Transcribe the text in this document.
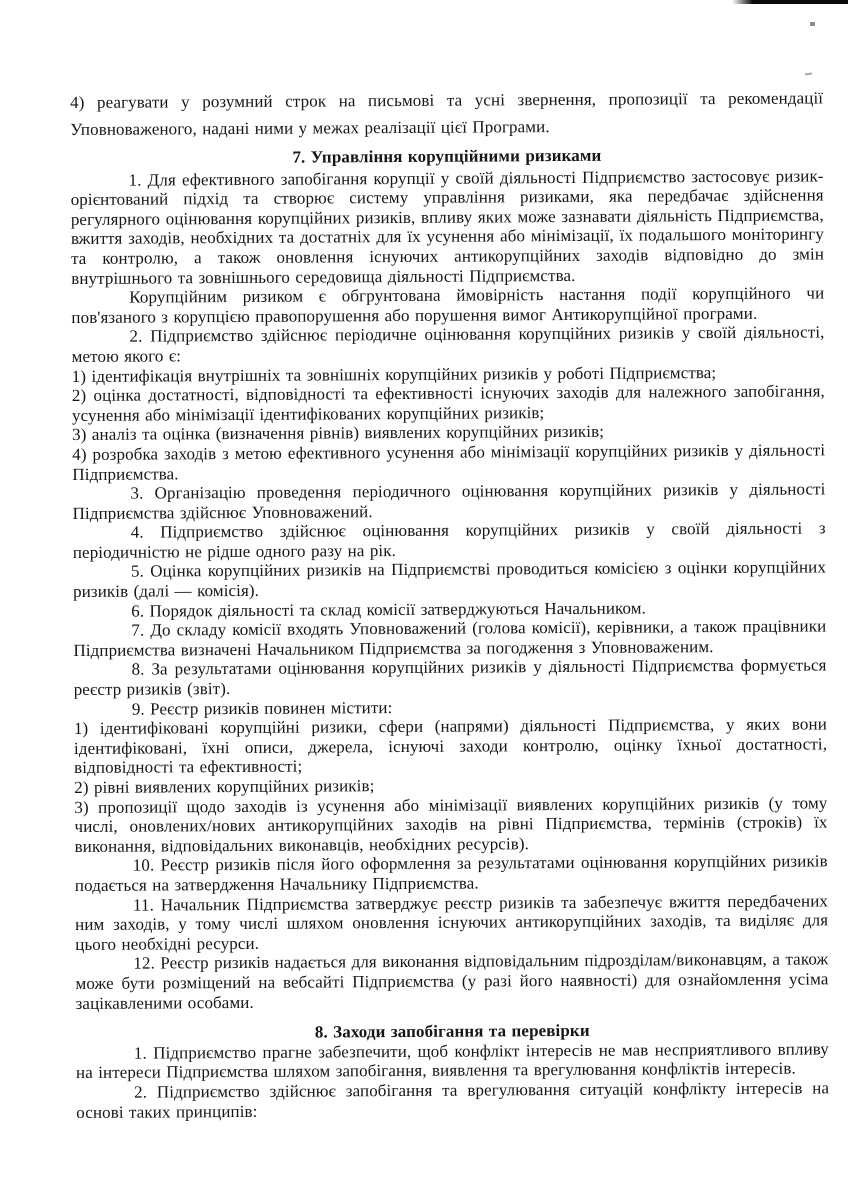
4) реагувати у розумний строк на письмові та усні звернення, пропозиції та рекомендації Уповноваженого, надані ними у межах реалізації цієї Програми.

7. Управління корупційними ризиками

1. Для ефективного запобігання корупції у своїй діяльності Підприємство застосовує ризик-орієнтований підхід та створює систему управління ризиками, яка передбачає здійснення регулярного оцінювання корупційних ризиків, впливу яких може зазнавати діяльність Підприємства, вжиття заходів, необхідних та достатніх для їх усунення або мінімізації, їх подальшого моніторингу та контролю, а також оновлення існуючих антикорупційних заходів відповідно до змін внутрішнього та зовнішнього середовища діяльності Підприємства.

Корупційним ризиком є обгрунтована ймовірність настання події корупційного чи пов'язаного з корупцією правопорушення або порушення вимог Антикорупційної програми.

2. Підприємство здійснює періодичне оцінювання корупційних ризиків у своїй діяльності, метою якого є:

1) ідентифікація внутрішніх та зовнішніх корупційних ризиків у роботі Підприємства;

2) оцінка достатності, відповідності та ефективності існуючих заходів для належного запобігання, усунення або мінімізації ідентифікованих корупційних ризиків;

3) аналіз та оцінка (визначення рівнів) виявлених корупційних ризиків;

4) розробка заходів з метою ефективного усунення або мінімізації корупційних ризиків у діяльності Підприємства.

3. Організацію проведення періодичного оцінювання корупційних ризиків у діяльності Підприємства здійснює Уповноважений.

4. Підприємство здійснює оцінювання корупційних ризиків у своїй діяльності з періодичністю не рідше одного разу на рік.

5. Оцінка корупційних ризиків на Підприємстві проводиться комісією з оцінки корупційних ризиків (далі — комісія).

6. Порядок діяльності та склад комісії затверджуються Начальником.

7. До складу комісії входять Уповноважений (голова комісії), керівники, а також працівники Підприємства визначені Начальником Підприємства за погодження з Уповноваженим.

8. За результатами оцінювання корупційних ризиків у діяльності Підприємства формується реєстр ризиків (звіт).

9. Реєстр ризиків повинен містити:

1) ідентифіковані корупційні ризики, сфери (напрями) діяльності Підприємства, у яких вони ідентифіковані, їхні описи, джерела, існуючі заходи контролю, оцінку їхньої достатності, відповідності та ефективності;

2) рівні виявлених корупційних ризиків;

3) пропозиції щодо заходів із усунення або мінімізації виявлених корупційних ризиків (у тому числі, оновлених/нових антикорупційних заходів на рівні Підприємства, термінів (строків) їх виконання, відповідальних виконавців, необхідних ресурсів).

10. Реєстр ризиків після його оформлення за результатами оцінювання корупційних ризиків подається на затвердження Начальнику Підприємства.

11. Начальник Підприємства затверджує реєстр ризиків та забезпечує вжиття передбачених ним заходів, у тому числі шляхом оновлення існуючих антикорупційних заходів, та виділяє для цього необхідні ресурси.

12. Реєстр ризиків надається для виконання відповідальним підрозділам/виконавцям, а також може бути розміщений на вебсайті Підприємства (у разі його наявності) для ознайомлення усіма зацікавленими особами.

8. Заходи запобігання та перевірки

1. Підприємство прагне забезпечити, щоб конфлікт інтересів не мав несприятливого впливу на інтереси Підприємства шляхом запобігання, виявлення та врегулювання конфліктів інтересів.

2. Підприємство здійснює запобігання та врегулювання ситуацій конфлікту інтересів на основі таких принципів:
